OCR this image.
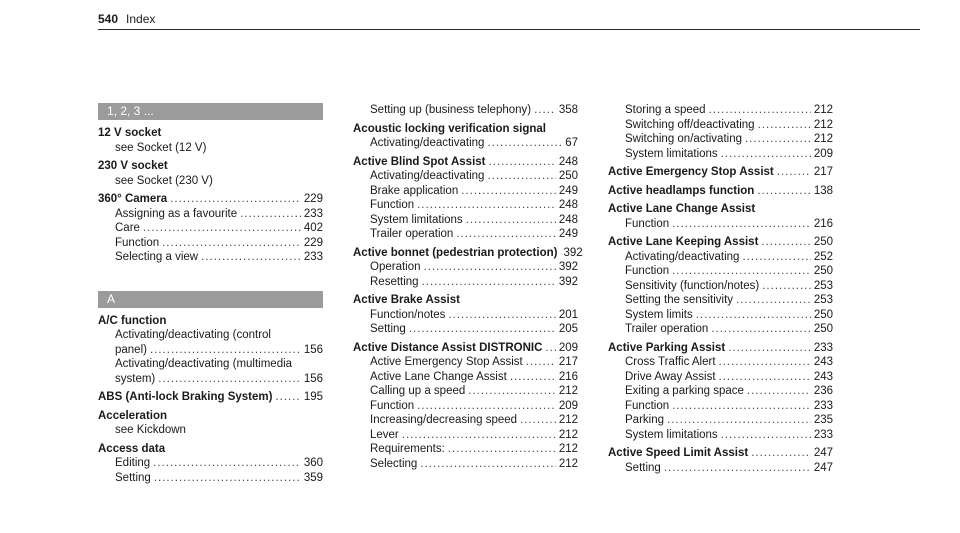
540 Index
1, 2, 3 ...
12 V socket
see Socket (12 V)
230 V socket
see Socket (230 V)
360° Camera .....	229
Assigning as a favourite .....	233
Care .....	402
Function .....	229
Selecting a view .....	233
A
A/C function
Activating/deactivating (control
panel) .....	156
Activating/deactivating (multimedia
system) .....	156
ABS (Anti-lock Braking System) .....	195
Acceleration
see Kickdown
Access data
Editing .....	360
Setting .....	359
Setting up (business telephony) ..... 358
Acoustic locking verification signal
Activating/deactivating .....	67
Active Blind Spot Assist .....	248
Activating/deactivating .....	250
Brake application .....	249
Function .....	248
System limitations .....	248
Trailer operation .....	249
Active bonnet (pedestrian protection) 392
Operation .....	392
Resetting .....	392
Active Brake Assist
Function/notes .....	201
Setting .....	205
Active Distance Assist DISTRONIC ..... 209
Active Emergency Stop Assist .....	217
Active Lane Change Assist .....	216
Calling up a speed .....	212
Function .....	209
Increasing/decreasing speed .....	212
Lever .....	212
Requirements: .....	212
Selecting .....	212
Storing a speed .....	212
Switching off/deactivating .....	212
Switching on/activating .....	212
System limitations .....	209
Active Emergency Stop Assist .....	217
Active headlamps function .....	138
Active Lane Change Assist
Function .....	216
Active Lane Keeping Assist .....	250
Activating/deactivating .....	252
Function .....	250
Sensitivity (function/notes) .....	253
Setting the sensitivity .....	253
System limits .....	250
Trailer operation .....	250
Active Parking Assist .....	233
Cross Traffic Alert .....	243
Drive Away Assist .....	243
Exiting a parking space .....	236
Function .....	233
Parking .....	235
System limitations .....	233
Active Speed Limit Assist .....	247
Setting .....	247
